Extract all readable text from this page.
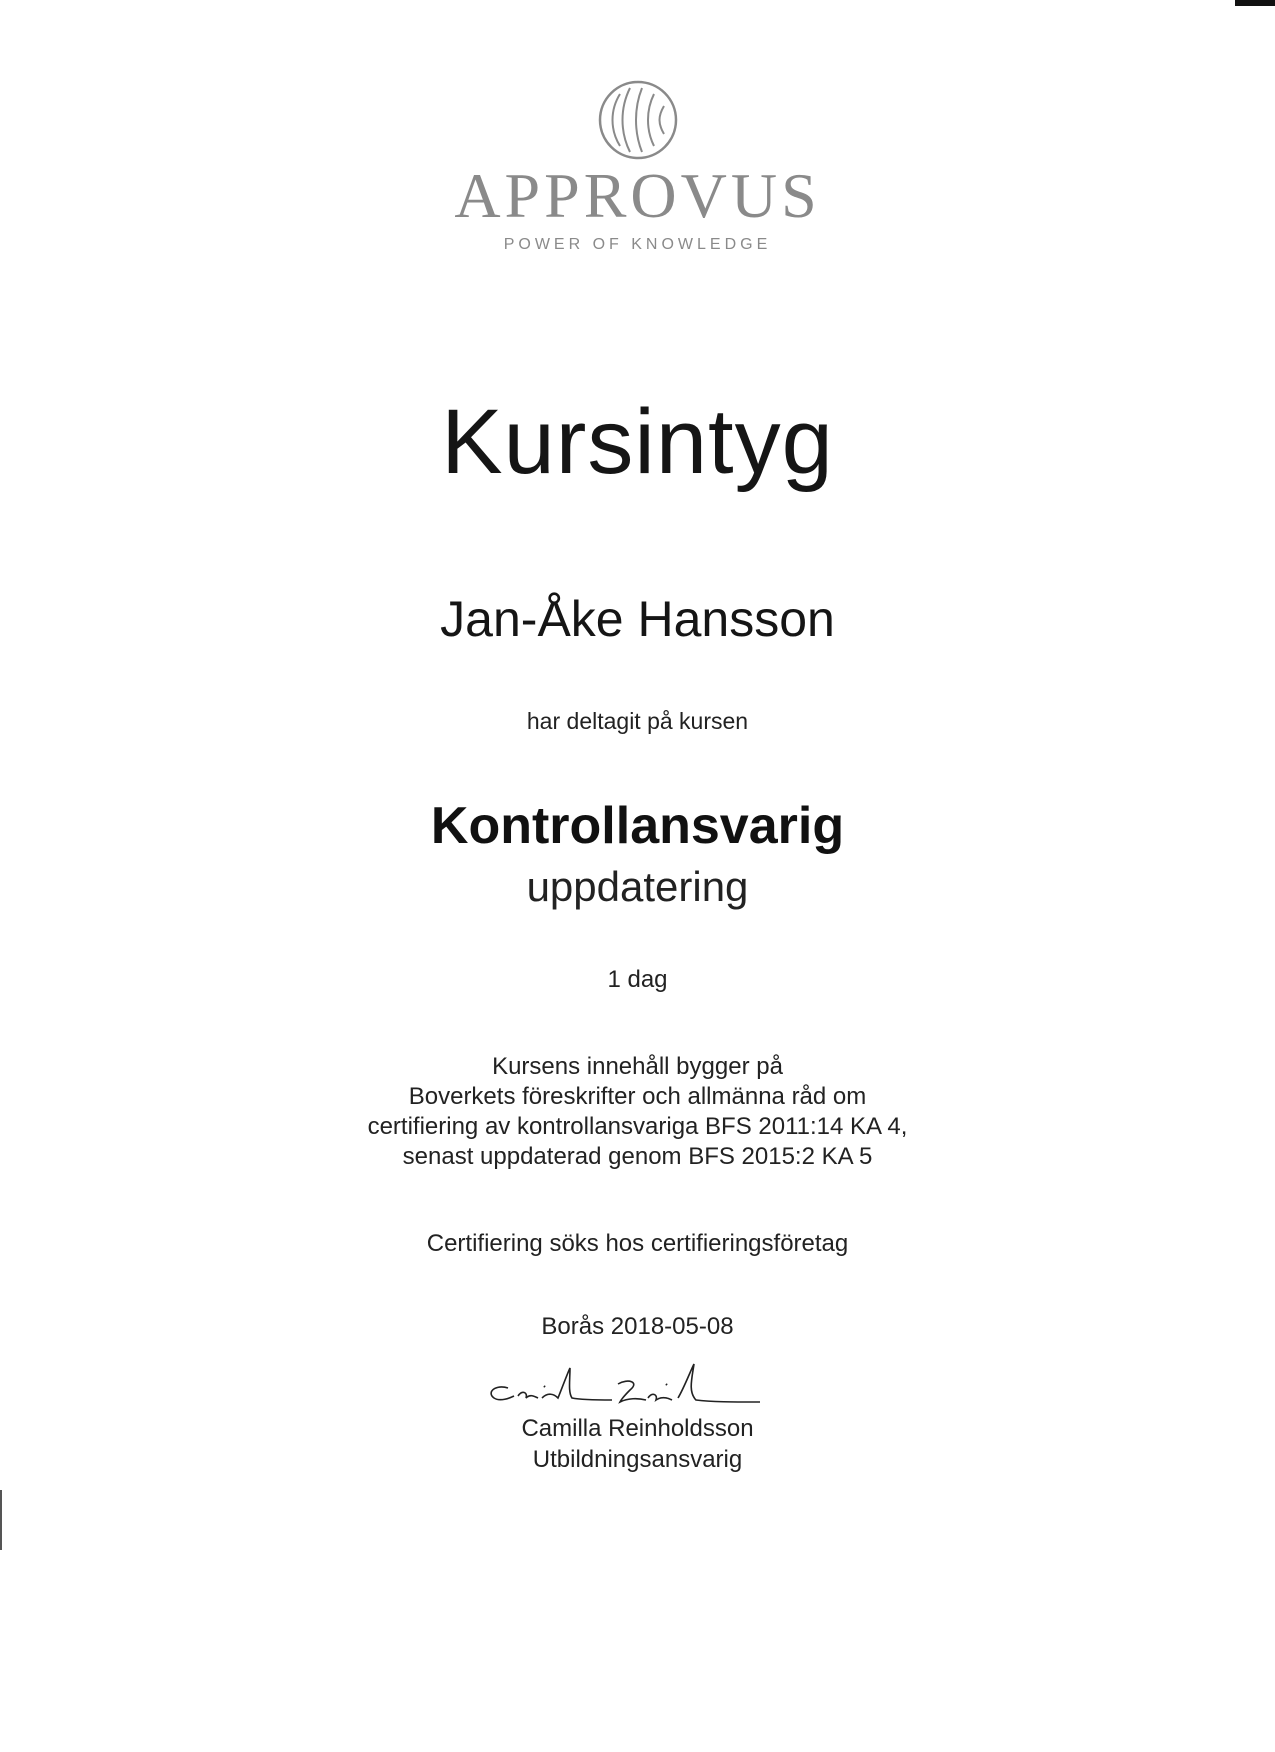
APPROVUS
POWER OF KNOWLEDGE
Kursintyg
Jan-Åke Hansson
har deltagit på kursen
Kontrollansvarig
uppdatering
1 dag
Kursens innehåll bygger på
Boverkets föreskrifter och allmänna råd om
certifiering av kontrollansvariga BFS 2011:14 KA 4,
senast uppdaterad genom BFS 2015:2 KA 5
Certifiering söks hos certifieringsföretag
Borås 2018-05-08
Camilla Reinholdsson
Utbildningsansvarig
